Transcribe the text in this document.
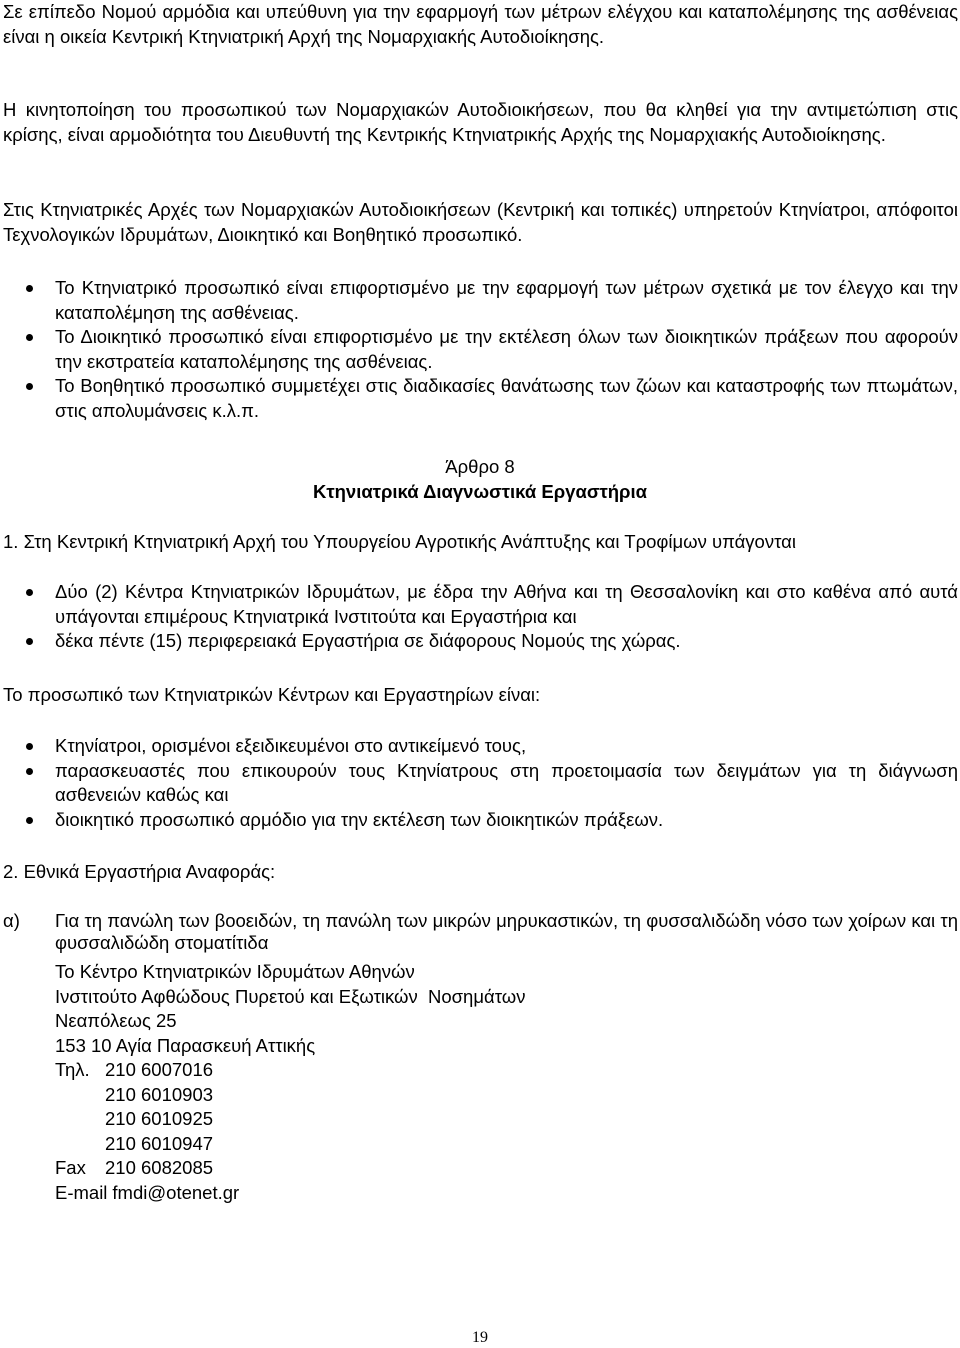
Σε επίπεδο Νομού αρμόδια και υπεύθυνη για την εφαρμογή των μέτρων ελέγχου και καταπολέμησης της ασθένειας είναι η οικεία Κεντρική Κτηνιατρική Αρχή της Νομαρχιακής Αυτοδιοίκησης.

Η κινητοποίηση του προσωπικού των Νομαρχιακών Αυτοδιοικήσεων, που θα κληθεί για την αντιμετώπιση στις κρίσης, είναι αρμοδιότητα του Διευθυντή της Κεντρικής Κτηνιατρικής Αρχής της Νομαρχιακής Αυτοδιοίκησης.

Στις Κτηνιατρικές Αρχές των Νομαρχιακών Αυτοδιοικήσεων (Κεντρική και τοπικές) υπηρετούν Κτηνίατροι, απόφοιτοι Τεχνολογικών Ιδρυμάτων, Διοικητικό και Βοηθητικό προσωπικό.

Το Κτηνιατρικό προσωπικό είναι επιφορτισμένο με την εφαρμογή των μέτρων σχετικά με τον έλεγχο και την καταπολέμηση της ασθένειας.
Το Διοικητικό προσωπικό είναι επιφορτισμένο με την εκτέλεση όλων των διοικητικών πράξεων που αφορούν την εκστρατεία καταπολέμησης της ασθένειας.
Το Βοηθητικό προσωπικό συμμετέχει στις διαδικασίες θανάτωσης των ζώων και καταστροφής των πτωμάτων, στις απολυμάνσεις κ.λ.π.

Άρθρο 8

Κτηνιατρικά Διαγνωστικά Εργαστήρια

1. Στη Κεντρική Κτηνιατρική Αρχή του Υπουργείου Αγροτικής Ανάπτυξης και Τροφίμων υπάγονται

Δύο (2) Κέντρα Κτηνιατρικών Ιδρυμάτων, με έδρα την Αθήνα και τη Θεσσαλονίκη και στο καθένα από αυτά υπάγονται επιμέρους Κτηνιατρικά Ινστιτούτα και Εργαστήρια και
δέκα πέντε (15) περιφερειακά Εργαστήρια σε διάφορους Νομούς της χώρας.

Το προσωπικό των Κτηνιατρικών Κέντρων και Εργαστηρίων είναι:

Κτηνίατροι, ορισμένοι εξειδικευμένοι στο αντικείμενό τους,
παρασκευαστές που επικουρούν τους Κτηνίατρους στη προετοιμασία των δειγμάτων για τη διάγνωση ασθενειών καθώς και
διοικητικό προσωπικό αρμόδιο για την εκτέλεση των διοικητικών πράξεων.

2. Εθνικά Εργαστήρια Αναφοράς:

α)	Για τη πανώλη των βοοειδών, τη πανώλη των μικρών μηρυκαστικών, τη φυσσαλιδώδη νόσο των χοίρων και τη φυσσαλιδώδη στοματίτιδα
Το Κέντρο Κτηνιατρικών Ιδρυμάτων Αθηνών
Ινστιτούτο Αφθώδους Πυρετού και Εξωτικών  Νοσημάτων
Νεαπόλεως 25
153 10 Αγία Παρασκευή Αττικής
Τηλ. 210 6007016
210 6010903
210 6010925
210 6010947
Fax	210 6082085
E-mail fmdi@otenet.gr
19
